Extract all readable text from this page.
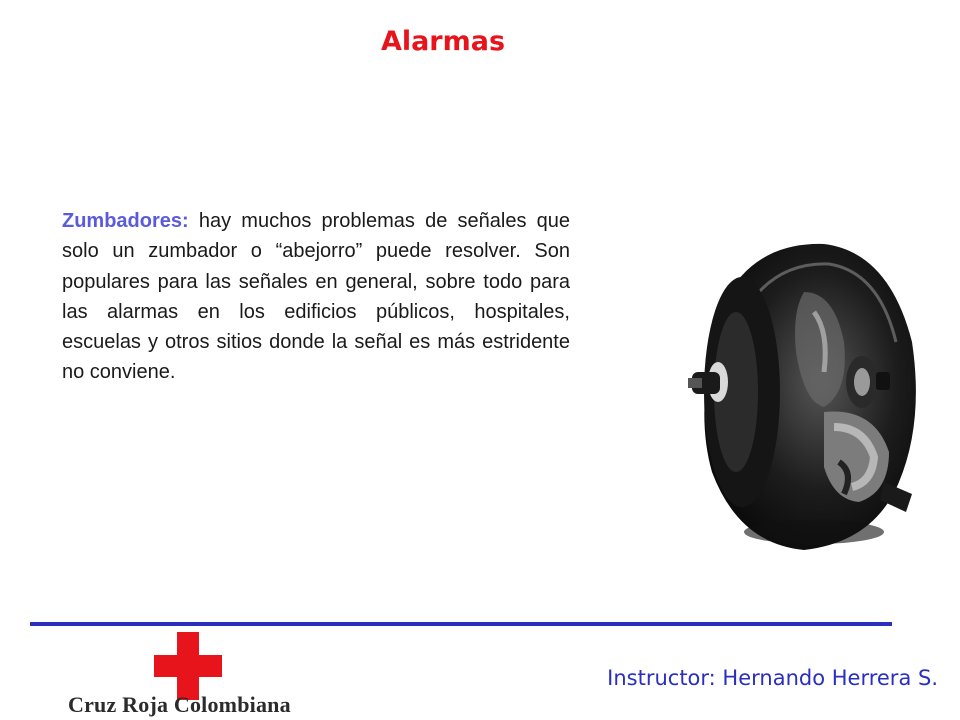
Alarmas
Zumbadores: hay muchos problemas de señales que solo un zumbador o “abejorro” puede resolver. Son populares para las señales en general, sobre todo para las alarmas en los edificios públicos, hospitales, escuelas y otros sitios donde la señal es más estridente no conviene.
Cruz Roja Colombiana

Instructor: Hernando Herrera S.
